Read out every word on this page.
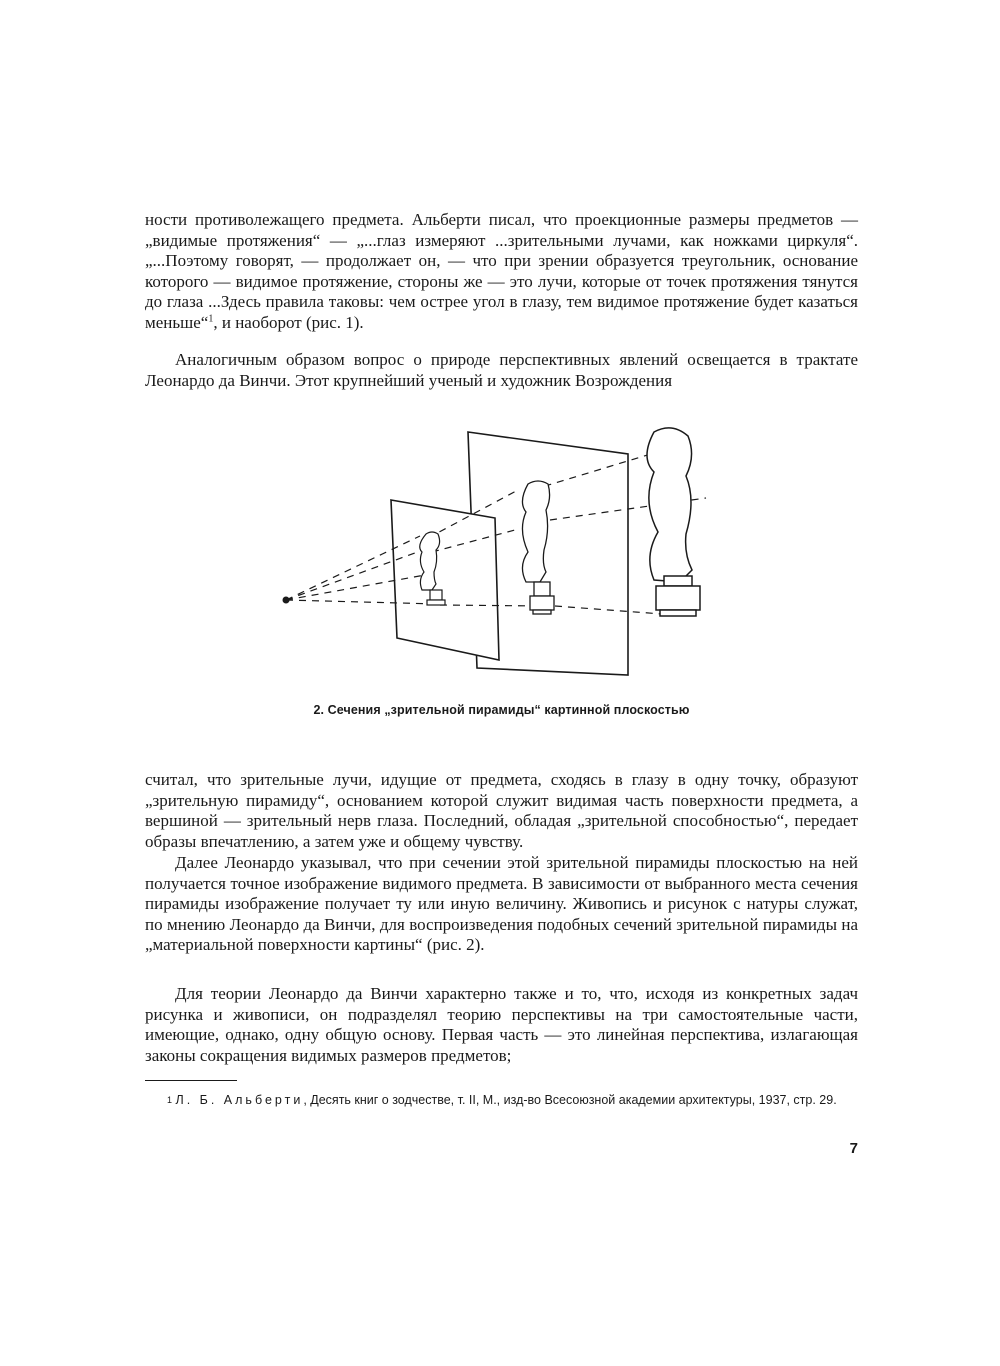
ности противолежащего предмета. Альберти писал, что проекционные размеры предметов — „видимые протяжения“ — „...глаз измеряют ...зрительными лучами, как ножками циркуля“. „...Поэтому говорят, — продолжает он, — что при зрении образуется треугольник, основание которого — видимое протяжение, стороны же — это лучи, которые от точек протяжения тянутся до глаза ...Здесь правила таковы: чем острее угол в глазу, тем видимое протяжение будет казаться меньше“$^1$, и наоборот (рис. 1).

Аналогичным образом вопрос о природе перспективных явлений освещается в трактате Леонардо да Винчи. Этот крупнейший ученый и художник Возрождения

2. Сечения „зрительной пирамиды“ картинной плоскостью

считал, что зрительные лучи, идущие от предмета, сходясь в глазу в одну точку, образуют „зрительную пирамиду“, основанием которой служит видимая часть поверхности предмета, а вершиной — зрительный нерв глаза. Последний, обладая „зрительной способностью“, передает образы впечатлению, а затем уже и общему чувству.

Далее Леонардо указывал, что при сечении этой зрительной пирамиды плоскостью на ней получается точное изображение видимого предмета. В зависимости от выбранного места сечения пирамиды изображение получает ту или иную величину. Живопись и рисунок с натуры служат, по мнению Леонардо да Винчи, для воспроизведения подобных сечений зрительной пирамиды на „материальной поверхности картины“ (рис. 2).

Для теории Леонардо да Винчи характерно также и то, что, исходя из конкретных задач рисунка и живописи, он подразделял теорию перспективы на три самостоятельные части, имеющие, однако, одну общую основу. Первая часть — это линейная перспектива, излагающая законы сокращения видимых размеров предметов;

$^1$ Л. Б. Альберти, Десять книг о зодчестве, т. II, М., изд-во Всесоюзной академии архитектуры, 1937, стр. 29.

7
